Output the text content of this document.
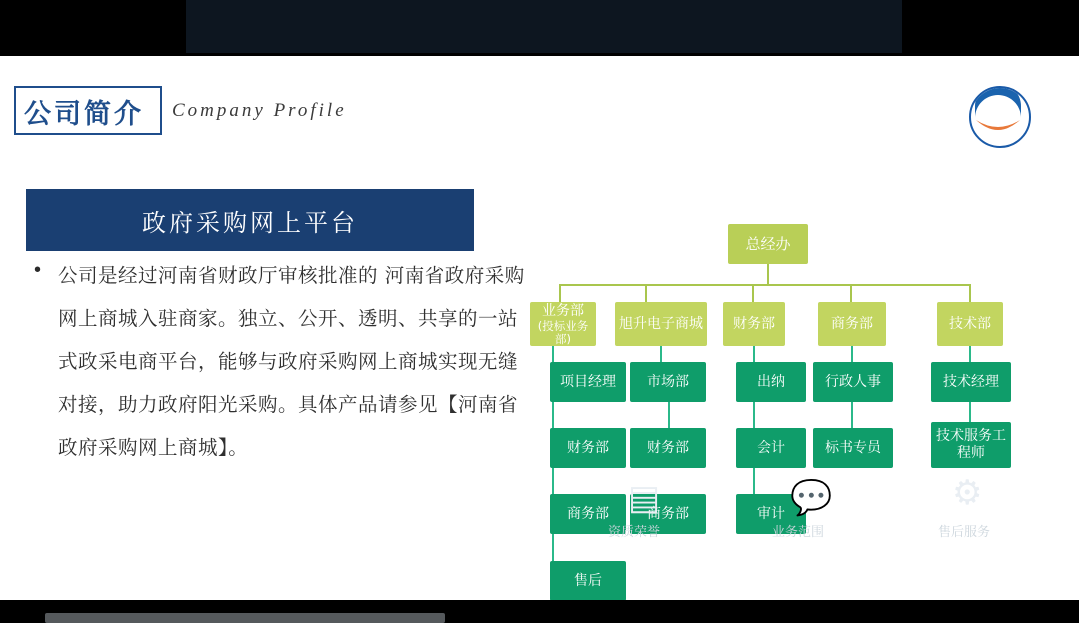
公司简介 Company Profile
政府采购网上平台
• 公司是经过河南省财政厅审核批准的 河南省政府采购网上商城入驻商家。独立、公开、透明、共享的一站式政采电商平台，能够与政府采购网上商城实现无缝对接，助力政府阳光采购。具体产品请参见【河南省政府采购网上商城】。
总经办
业务部
(投标业务部)
旭升电子商城	财务部	商务部	技术部
项目经理
财务部
商务部
售后
市场部
财务部
商务部
出纳
会计
审计
行政人事
标书专员
技术经理
技术服务工程师
▤
资质荣誉
💬
业务范围
⚙
售后服务
